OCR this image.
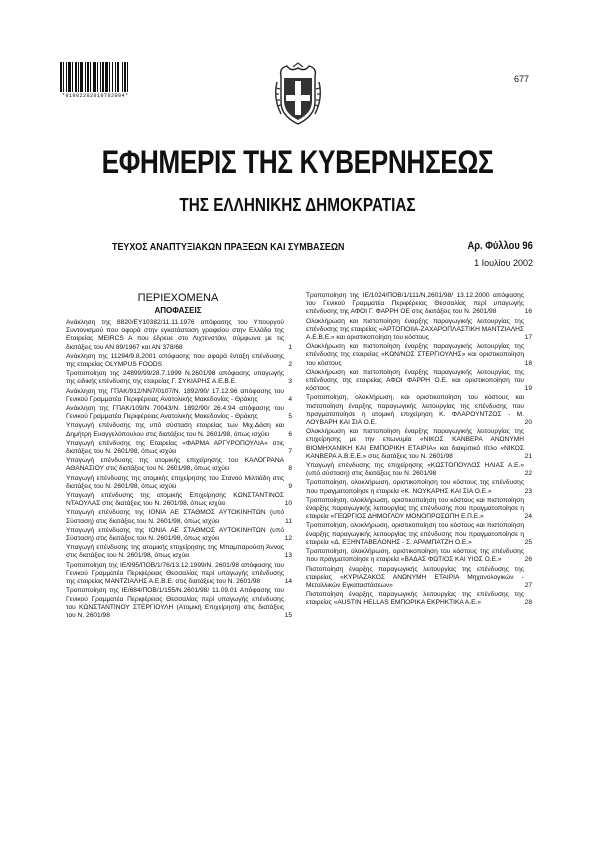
*01002202010702004*
677
ΕΦΗΜΕΡΙΣ ΤΗΣ ΚΥΒΕΡΝΗΣΕΩΣ
ΤΗΣ ΕΛΛΗΝΙΚΗΣ ΔΗΜΟΚΡΑΤΙΑΣ
ΤΕΥΧΟΣ ΑΝΑΠΤΥΞΙΑΚΩΝ ΠΡΑΞΕΩΝ ΚΑΙ ΣΥΜΒΑΣΕΩΝ	Αρ. Φύλλου 96
1 Ιουλίου 2002
ΠΕΡΙΕΧΟΜΕΝΑ
ΑΠΟΦΑΣΕΙΣ
Ανάκληση της 8820/ΕΥ10382/11.11.1976 απόφασης του Υπουργού Συντονισμού που αφορά στην εγκατάσταση γραφείου στην Ελλάδα της Εταιρείας MEIRCS A που έδρευε στο Λιχτενστάιν, σύμφωνα με τις διατάξεις του ΑΝ 89/1967 και ΑΝ 378/68	1
Ανάκληση της 11294/9.8.2001 απόφασης που αφορά ένταξη επένδυσης της εταιρείας OLYMPUS FOODS	2
Τροποποίηση της 24899/99/28.7.1999 Ν.2601/98 απόφασης υπαγωγής της ειδικής επένδυσης της εταιρείας Γ. ΣΥΚΙΑΡΗΣ Α.Ε.Β.Ε.	3
Ανάκληση της ΓΠΑΚ/912/ΝΝ7/0107/Ν. 1892/90/ 17.12.96 απόφασης του Γενικού Γραμματέα Περιφέρειας Ανατολικής Μακεδονίας - Θράκης	4
Ανάκληση της ΓΠΑΚ/109/Ν 70043/Ν. 1892/90/ 26.4.94 απόφασης του Γενικού Γραμματέα Περιφέρειας Ανατολικής Μακεδονίας - Θράκης	5
Υπαγωγή επένδυσης της υπό σύσταση εταιρείας των Μιχ.Δάση και Δημήτρη Ευαγγελόπουλου στις διατάξεις του Ν. 2601/98, όπως ισχύει	6
Υπαγωγή επένδυσης της Εταιρείας «ΦΑΡΜΑ ΑΡΓΥΡΟΠΟΥΛΙΑ» στις διατάξεις του Ν. 2601/98, όπως ισχύει	7
Υπαγωγή επένδυσης της ατομικής επιχείρησης του ΚΑΛΟΓΡΑΝΑ ΑΘΑΝΑΣΙΟΥ στις διατάξεις του Ν. 2601/98, όπως ισχύει	8
Υπαγωγή επένδυσης της ατομικής επιχείρησης του Στανού Μιλτιάδη στις διατάξεις του Ν. 2601/98, όπως ισχύει	9
Υπαγωγή επένδυσης της ατομικής Επιχείρησης ΚΩΝΣΤΑΝΤΙΝΟΣ ΝΤΑΟΥΛΑΣ στις διατάξεις του Ν. 2601/98, όπως ισχύει	10
Υπαγωγή επένδυσης της ΙΟΝΙΑ ΑΕ ΣΤΑΘΜΟΣ ΑΥΤΟΚΙΝΗΤΩΝ (υπό Σύσταση) στις διατάξεις του Ν. 2601/98, όπως ισχύει	11
Υπαγωγή επένδυσης της ΙΟΝΙΑ ΑΕ ΣΤΑΘΜΟΣ ΑΥΤΟΚΙΝΗΤΩΝ (υπό Σύσταση) στις διατάξεις του Ν. 2601/98, όπως ισχύει	12
Υπαγωγή επένδυσης της ατομικής επιχείρησης της Μπαμπαρούση Άννας στις διατάξεις του Ν. 2601/98, όπως ισχύει	13
Τροποποίηση της ΙΕ/995/ΠΟΒ/1/76/13.12.1999/Ν. 2601/98 απόφασης του Γενικού Γραμματέα Περιφέρειας Θεσσαλίας περί υπαγωγής επένδυσης της εταιρείας ΜΑΝΤΖΙΑΛΗΣ Α.Ε.Β.Ε. στις διατάξεις του Ν. 2601/98	14
Τροποποίηση της ΙΕ/684/ΠΟΒ/1/155/Ν.2601/98/ 11.09.01 Απόφασης του Γενικού Γραμματέα Περιφέρειας Θεσσαλίας περί υπαγωγής επένδυσης του ΚΩΝΣΤΑΝΤΙΝΟΥ ΣΤΕΡΓΙΟΥΛΗ (Ατομική Επιχείρηση) στις διατάξεις του Ν. 2601/98	15
Τροποποίηση της ΙΕ/1024/ΠΟΒ/1/111/Ν.2601/98/ 13.12.2000 απόφασης του Γενικού Γραμματέα Περιφέρειας Θεσσαλίας περί υπαγωγής επένδυσης της ΑΦΟΙ Γ. ΦΑΡΡΗ ΟΕ στις διατάξεις του Ν. 2601/98	16
Ολοκλήρωση και πιστοποίηση έναρξης παραγωγικής λειτουργίας της επένδυσης της εταιρείας «ΑΡΤΟΠΟΙΙΑ-ΖΑΧΑΡΟΠΛΑΣΤΙΚΗ ΜΑΝΤΖΙΑΛΗΣ Α.Ε.Β.Ε.» και οριστικοποίηση του κόστους	17
Ολοκλήρωση και πιστοποίηση έναρξης παραγωγικής λειτουργίας της επένδυσης της εταιρείας «ΚΩΝ/ΝΟΣ ΣΤΕΡΓΙΟΥΛΗΣ» και οριστικοποίηση του κόστους	18
Ολοκλήρωση και πιστοποίηση έναρξης παραγωγικής λειτουργίας της επένδυσης της εταιρείας ΑΦΟΙ ΦΑΡΡΗ Ο.Ε. και οριστικοποίηση του κόστους	19
Τροποποίηση, ολοκλήρωση, και οριστικοποίηση του κόστους και πιστοποίηση έναρξης παραγωγικής λειτουργίας της επένδυσης που πραγματοποίησε η ατομική επιχείρηση Κ. ΦΛΑΡΟΥΝΤΖΟΣ - Μ. ΛΟΥΒΑΡΗ ΚΑΙ ΣΙΑ Ο.Ε.	20
Ολοκλήρωση και πιστοποίηση έναρξης παραγωγικής λειτουργίας της επιχείρησης με την επωνυμία «ΝΙΚΟΣ ΚΑΝΒΕΡΑ ΑΝΩΝΥΜΗ ΒΙΟΜΗΧΑΝΙΚΗ ΚΑΙ ΕΜΠΟΡΙΚΗ ΕΤΑΙΡΙΑ» και διακριτικό τίτλο «ΝΙΚΟΣ ΚΑΝΒΕΡΑ Α.Β.Ε.Ε.» στις διατάξεις του Ν. 2601/98	21
Υπαγωγή επένδυσης της επιχείρησης «ΚΩΣΤΟΠΟΥΛΟΣ ΗΛΙΑΣ Α.Ε.» (υπό σύσταση) στις διατάξεις του Ν. 2601/98	22
Τροποποίηση, ολοκλήρωση, οριστικοποίηση του κόστους της επένδυσης που πραγματοποίησε η εταιρεία «Κ. ΝΟΥΚΑΡΗΣ ΚΑΙ ΣΙΑ Ο.Ε.»	23
Τροποποίηση, ολοκλήρωση, οριστικοποίηση του κόστους και πιστοποίηση έναρξης παραγωγικής λειτουργίας της επένδυσης που πραγματοποίησε η εταιρεία «ΓΕΩΡΓΙΟΣ ΔΗΜΟΓΛΟΥ ΜΟΝΟΠΡΟΣΩΠΗ Ε.Π.Ε.»	24
Τροποποίηση, ολοκλήρωση, οριστικοποίηση του κόστους και πιστοποίηση έναρξης παραγωγικής λειτουργίας της επένδυσης που πραγματοποίησε η εταιρεία «Δ. ΕΞΗΝΤΑΒΕΛΟΝΗΣ - Σ. ΑΡΑΜΠΑΤΖΗ Ο.Ε.»	25
Τροποποίηση, ολοκλήρωση, οριστικοποίηση του κόστους της επένδυσης που πραγματοποίησε η εταιρεία «ΒΑΔΑΣ ΦΩΤΙΟΣ ΚΑΙ ΥΙΟΣ Ο.Ε.»	26
Πιστοποίηση έναρξης παραγωγικής λειτουργίας της επένδυσης της εταιρείας «ΚΥΡΙΑΖΑΚΟΣ ΑΝΩΝΥΜΗ ΕΤΑΙΡΙΑ Μηχανολογικών - Μεταλλικών Εγκαταστάσεων»	27
Πιστοποίηση έναρξης παραγωγικής λειτουργίας της επένδυσης της εταιρείας «AUSTIN HELLAS ΕΜΠΟΡΙΚΑ ΕΚΡΗΚΤΙΚΑ Α.Ε.»	28
